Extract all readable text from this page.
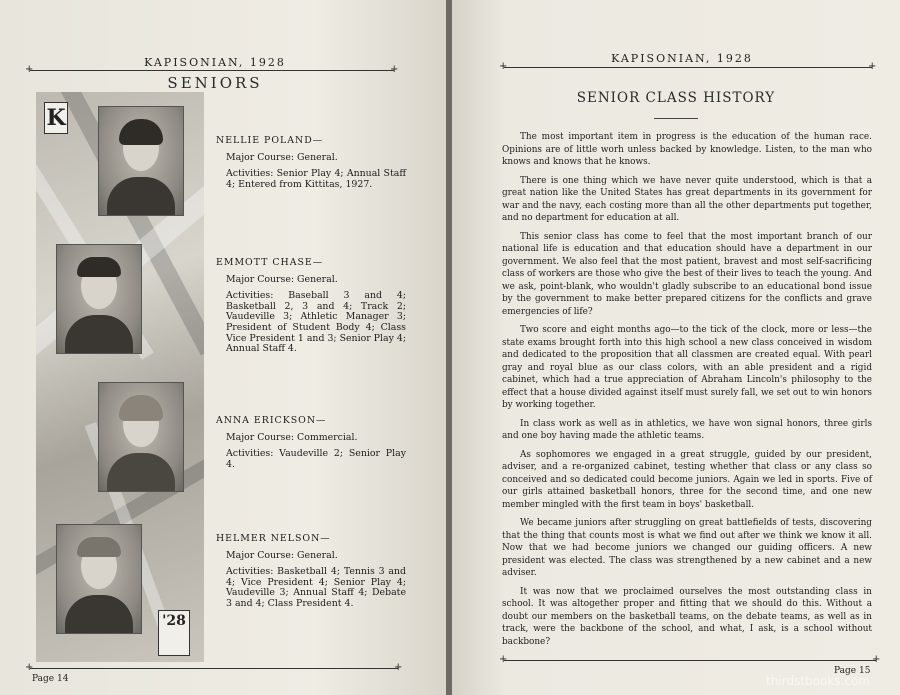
KAPISONIAN, 1928
+	+
SENIORS
K
'28
NELLIE POLAND—
Major Course: General.
Activities: Senior Play 4; Annual Staff 4; Entered from Kittitas, 1927.
EMMOTT CHASE—
Major Course: General.
Activities: Baseball 3 and 4; Basketball 2, 3 and 4; Track 2; Vaudeville 3; Athletic Manager 3; President of Student Body 4; Class Vice President 1 and 3; Senior Play 4; Annual Staff 4.
ANNA ERICKSON—
Major Course: Commercial.
Activities: Vaudeville 2; Senior Play 4.
HELMER NELSON—
Major Course: General.
Activities: Basketball 4; Tennis 3 and 4; Vice President 4; Senior Play 4; Vaudeville 3; Annual Staff 4; Debate 3 and 4; Class President 4.
+	+
Page 14
KAPISONIAN, 1928
+	+
+	+
Page 15
SENIOR CLASS HISTORY

The most important item in progress is the education of the human race. Opinions are of little worh unless backed by knowledge. Listen, to the man who knows and knows that he knows.

There is one thing which we have never quite understood, which is that a great nation like the United States has great departments in its government for war and the navy, each costing more than all the other departments put together, and no department for education at all.

This senior class has come to feel that the most important branch of our national life is education and that education should have a department in our government. We also feel that the most patient, bravest and most self-sacrificing class of workers are those who give the best of their lives to teach the young. And we ask, point-blank, who wouldn't gladly subscribe to an educational bond issue by the government to make better prepared citizens for the conflicts and grave emergencies of life?

Two score and eight months ago—to the tick of the clock, more or less—the state exams brought forth into this high school a new class conceived in wisdom and dedicated to the proposition that all classmen are created equal. With pearl gray and royal blue as our class colors, with an able president and a rigid cabinet, which had a true appreciation of Abraham Lincoln's philosophy to the effect that a house divided against itself must surely fall, we set out to win honors by working together.

In class work as well as in athletics, we have won signal honors, three girls and one boy having made the athletic teams.

As sophomores we engaged in a great struggle, guided by our president, adviser, and a re-organized cabinet, testing whether that class or any class so conceived and so dedicated could become juniors. Again we led in sports. Five of our girls attained basketball honors, three for the second time, and one new member mingled with the first team in boys' basketball.

We became juniors after struggling on great battlefields of tests, discovering that the thing that counts most is what we find out after we think we know it all. Now that we had become juniors we changed our guiding officers. A new president was elected. The class was strengthened by a new cabinet and a new adviser.

It was now that we proclaimed ourselves the most outstanding class in school. It was altogether proper and fitting that we should do this. Without a doubt our members on the basketball teams, on the debate teams, as well as in track, were the backbone of the school, and what, I ask, is a school without backbone?

thirdstbooks.com
